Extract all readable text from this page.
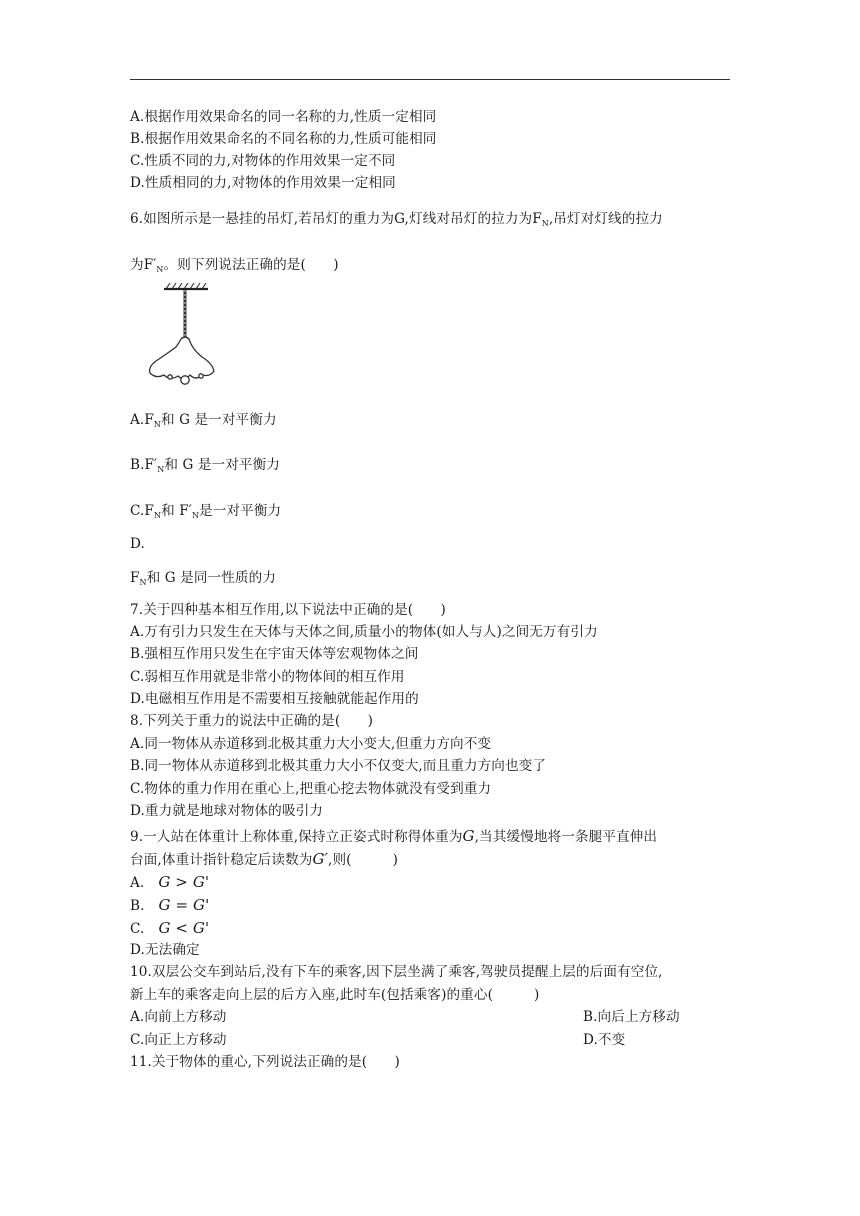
A.根据作用效果命名的同一名称的力,性质一定相同
B.根据作用效果命名的不同名称的力,性质可能相同
C.性质不同的力,对物体的作用效果一定不同
D.性质相同的力,对物体的作用效果一定相同
6.如图所示是一悬挂的吊灯,若吊灯的重力为G,灯线对吊灯的拉力为FN,吊灯对灯线的拉力
为F′N。则下列说法正确的是(　　)
A.FN和 G 是一对平衡力
B.F′N和 G 是一对平衡力
C.FN和 F′N是一对平衡力
D.
FN和 G 是同一性质的力
7.关于四种基本相互作用,以下说法中正确的是(　　)
A.万有引力只发生在天体与天体之间,质量小的物体(如人与人)之间无万有引力
B.强相互作用只发生在宇宙天体等宏观物体之间
C.弱相互作用就是非常小的物体间的相互作用
D.电磁相互作用是不需要相互接触就能起作用的
8.下列关于重力的说法中正确的是(　　)
A.同一物体从赤道移到北极其重力大小变大,但重力方向不变
B.同一物体从赤道移到北极其重力大小不仅变大,而且重力方向也变了
C.物体的重力作用在重心上,把重心挖去物体就没有受到重力
D.重力就是地球对物体的吸引力
9.一人站在体重计上称体重,保持立正姿式时称得体重为G,当其缓慢地将一条腿平直伸出
台面,体重计指针稳定后读数为G′,则(　　　)
A. G > G'
B. G = G'
C. G < G'
D.无法确定
10.双层公交车到站后,没有下车的乘客,因下层坐满了乘客,驾驶员提醒上层的后面有空位,
新上车的乘客走向上层的后方入座,此时车(包括乘客)的重心(　　　)
A.向前上方移动	B.向后上方移动
C.向正上方移动	D.不变
11.关于物体的重心,下列说法正确的是(　　)
